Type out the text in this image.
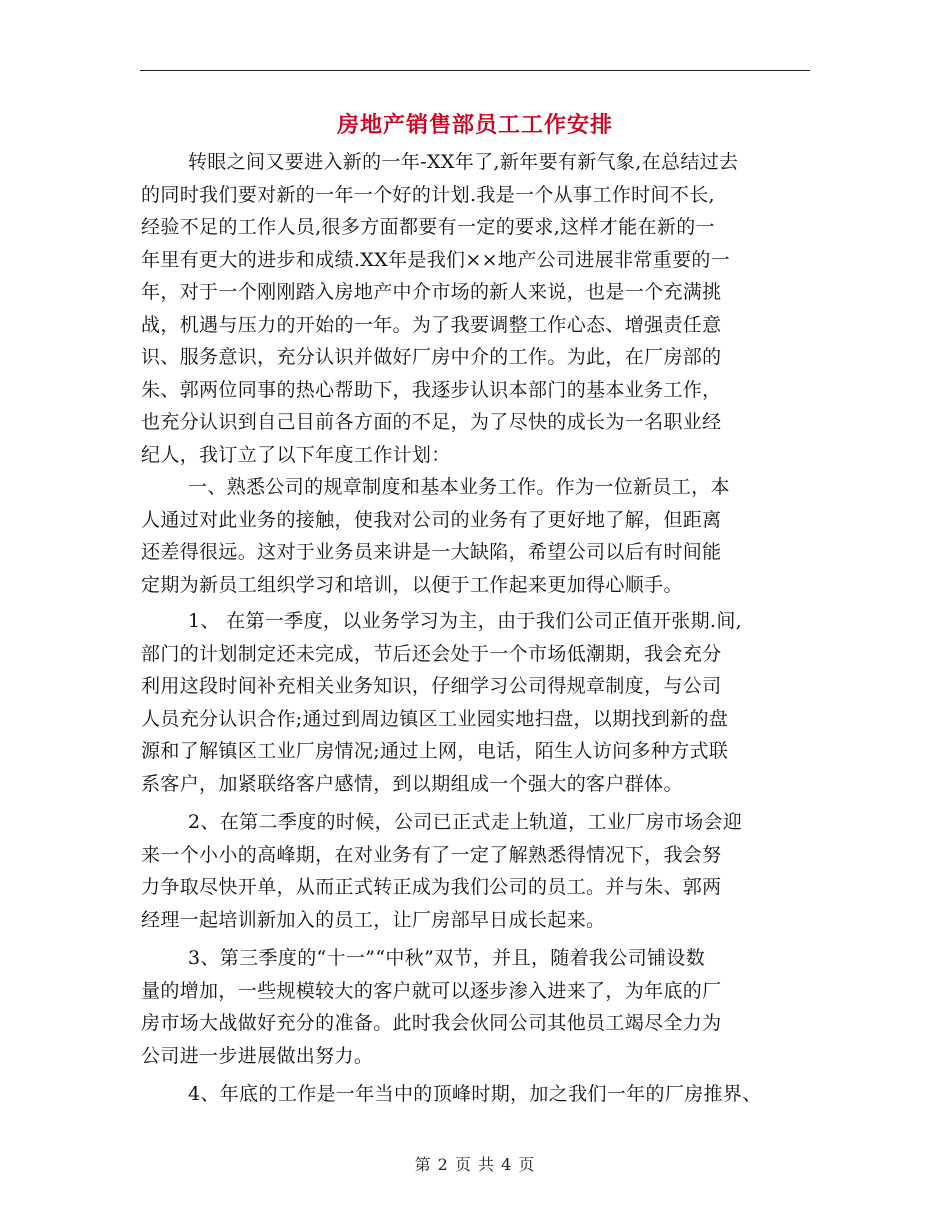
房地产销售部员工工作安排
转眼之间又要进入新的一年-XX年了,新年要有新气象,在总结过去
的同时我们要对新的一年一个好的计划.我是一个从事工作时间不长,
经验不足的工作人员,很多方面都要有一定的要求,这样才能在新的一
年里有更大的进步和成绩.XX年是我们××地产公司进展非常重要的一
年，对于一个刚刚踏入房地产中介市场的新人来说，也是一个充满挑
战，机遇与压力的开始的一年。为了我要调整工作心态、增强责任意
识、服务意识，充分认识并做好厂房中介的工作。为此，在厂房部的
朱、郭两位同事的热心帮助下，我逐步认识本部门的基本业务工作，
也充分认识到自己目前各方面的不足，为了尽快的成长为一名职业经
纪人，我订立了以下年度工作计划：
一、熟悉公司的规章制度和基本业务工作。作为一位新员工，本
人通过对此业务的接触，使我对公司的业务有了更好地了解，但距离
还差得很远。这对于业务员来讲是一大缺陷，希望公司以后有时间能
定期为新员工组织学习和培训，以便于工作起来更加得心顺手。
1、 在第一季度，以业务学习为主，由于我们公司正值开张期.间,
部门的计划制定还未完成，节后还会处于一个市场低潮期，我会充分
利用这段时间补充相关业务知识，仔细学习公司得规章制度，与公司
人员充分认识合作;通过到周边镇区工业园实地扫盘，以期找到新的盘
源和了解镇区工业厂房情况;通过上网，电话，陌生人访问多种方式联
系客户，加紧联络客户感情，到以期组成一个强大的客户群体。
2、在第二季度的时候，公司已正式走上轨道，工业厂房市场会迎
来一个小小的高峰期，在对业务有了一定了解熟悉得情况下，我会努
力争取尽快开单，从而正式转正成为我们公司的员工。并与朱、郭两
经理一起培训新加入的员工，让厂房部早日成长起来。
3、第三季度的“十一”“中秋”双节，并且，随着我公司铺设数
量的增加，一些规模较大的客户就可以逐步渗入进来了，为年底的厂
房市场大战做好充分的准备。此时我会伙同公司其他员工竭尽全力为
公司进一步进展做出努力。
4、年底的工作是一年当中的顶峰时期，加之我们一年的厂房推界、
第 2 页 共 4 页
